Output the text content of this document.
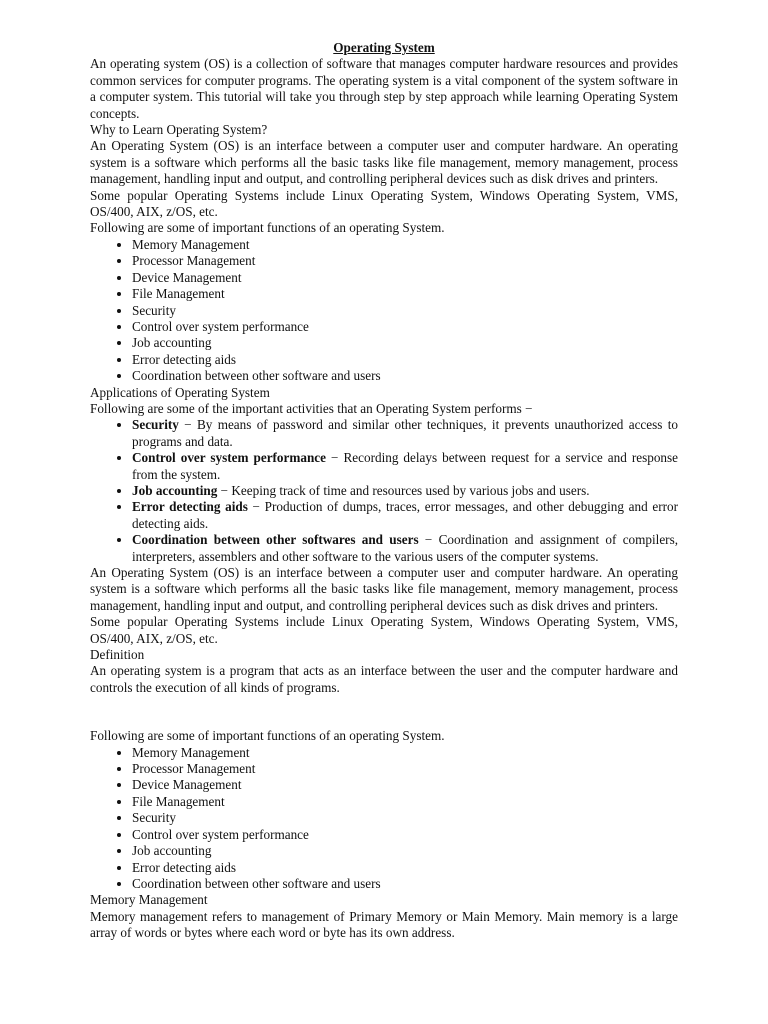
Operating System

An operating system (OS) is a collection of software that manages computer hardware resources and provides common services for computer programs. The operating system is a vital component of the system software in a computer system. This tutorial will take you through step by step approach while learning Operating System concepts.

Why to Learn Operating System?

An Operating System (OS) is an interface between a computer user and computer hardware. An operating system is a software which performs all the basic tasks like file management, memory management, process management, handling input and output, and controlling peripheral devices such as disk drives and printers.

Some popular Operating Systems include Linux Operating System, Windows Operating System, VMS, OS/400, AIX, z/OS, etc.

Following are some of important functions of an operating System.

• Memory Management
• Processor Management
• Device Management
• File Management
• Security
• Control over system performance
• Job accounting
• Error detecting aids
• Coordination between other software and users

Applications of Operating System

Following are some of the important activities that an Operating System performs −

• Security − By means of password and similar other techniques, it prevents unauthorized access to programs and data.
• Control over system performance − Recording delays between request for a service and response from the system.
• Job accounting − Keeping track of time and resources used by various jobs and users.
• Error detecting aids − Production of dumps, traces, error messages, and other debugging and error detecting aids.
• Coordination between other softwares and users − Coordination and assignment of compilers, interpreters, assemblers and other software to the various users of the computer systems.

An Operating System (OS) is an interface between a computer user and computer hardware. An operating system is a software which performs all the basic tasks like file management, memory management, process management, handling input and output, and controlling peripheral devices such as disk drives and printers.

Some popular Operating Systems include Linux Operating System, Windows Operating System, VMS, OS/400, AIX, z/OS, etc.

Definition

An operating system is a program that acts as an interface between the user and the computer hardware and controls the execution of all kinds of programs.

Following are some of important functions of an operating System.

• Memory Management
• Processor Management
• Device Management
• File Management
• Security
• Control over system performance
• Job accounting
• Error detecting aids
• Coordination between other software and users

Memory Management

Memory management refers to management of Primary Memory or Main Memory. Main memory is a large array of words or bytes where each word or byte has its own address.
